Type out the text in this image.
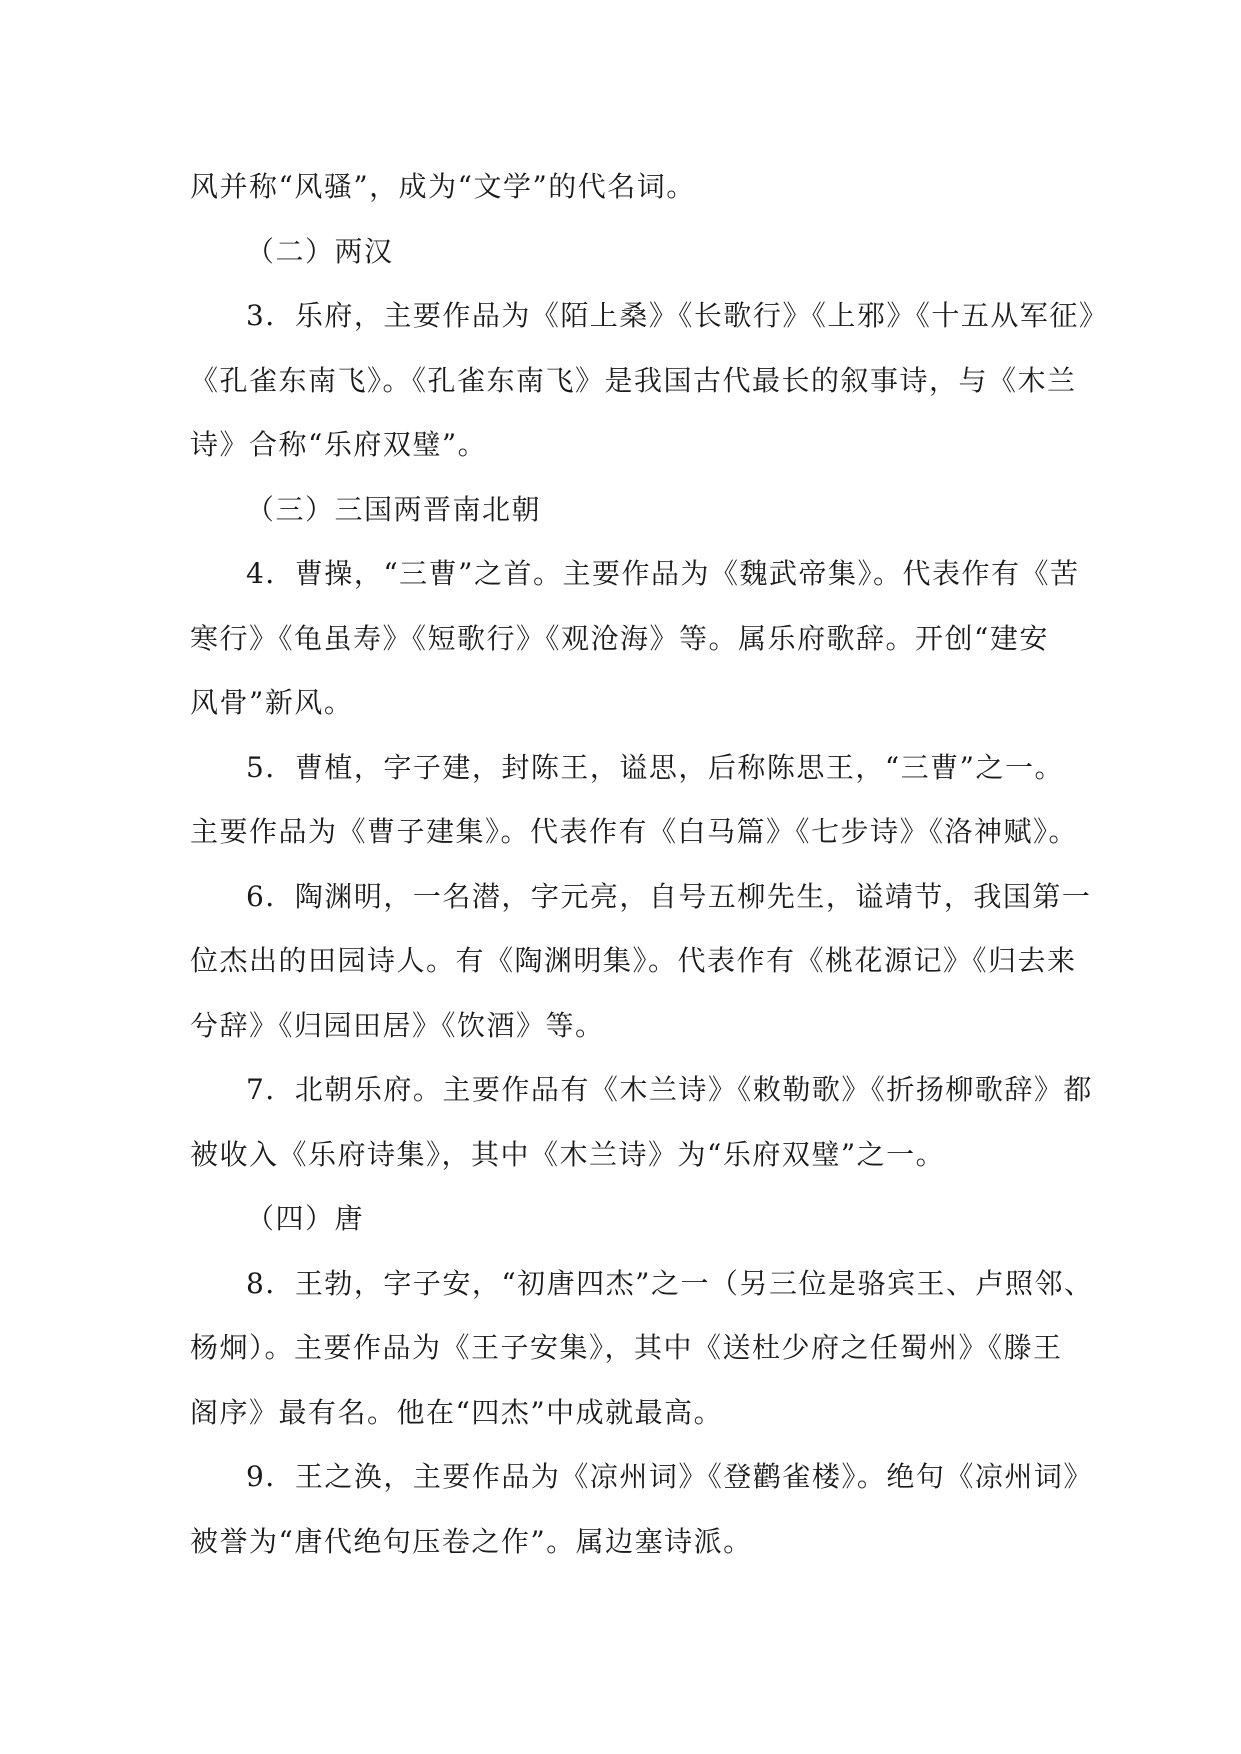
风并称“风骚”，成为“文学”的代名词。
（二）两汉
3．乐府，主要作品为《陌上桑》《长歌行》《上邪》《十五从军征》
《孔雀东南飞》。《孔雀东南飞》是我国古代最长的叙事诗，与《木兰
诗》合称“乐府双璧”。
（三）三国两晋南北朝
4．曹操，“三曹”之首。主要作品为《魏武帝集》。代表作有《苦
寒行》《龟虽寿》《短歌行》《观沧海》等。属乐府歌辞。开创“建安
风骨”新风。
5．曹植，字子建，封陈王，谥思，后称陈思王，“三曹”之一。
主要作品为《曹子建集》。代表作有《白马篇》《七步诗》《洛神赋》。
6．陶渊明，一名潜，字元亮，自号五柳先生，谥靖节，我国第一
位杰出的田园诗人。有《陶渊明集》。代表作有《桃花源记》《归去来
兮辞》《归园田居》《饮酒》等。
7．北朝乐府。主要作品有《木兰诗》《敕勒歌》《折扬柳歌辞》都
被收入《乐府诗集》，其中《木兰诗》为“乐府双璧”之一。
（四）唐
8．王勃，字子安，“初唐四杰”之一（另三位是骆宾王、卢照邻、
杨炯）。主要作品为《王子安集》，其中《送杜少府之任蜀州》《滕王
阁序》最有名。他在“四杰”中成就最高。
9．王之涣，主要作品为《凉州词》《登鹳雀楼》。绝句《凉州词》
被誉为“唐代绝句压卷之作”。属边塞诗派。
